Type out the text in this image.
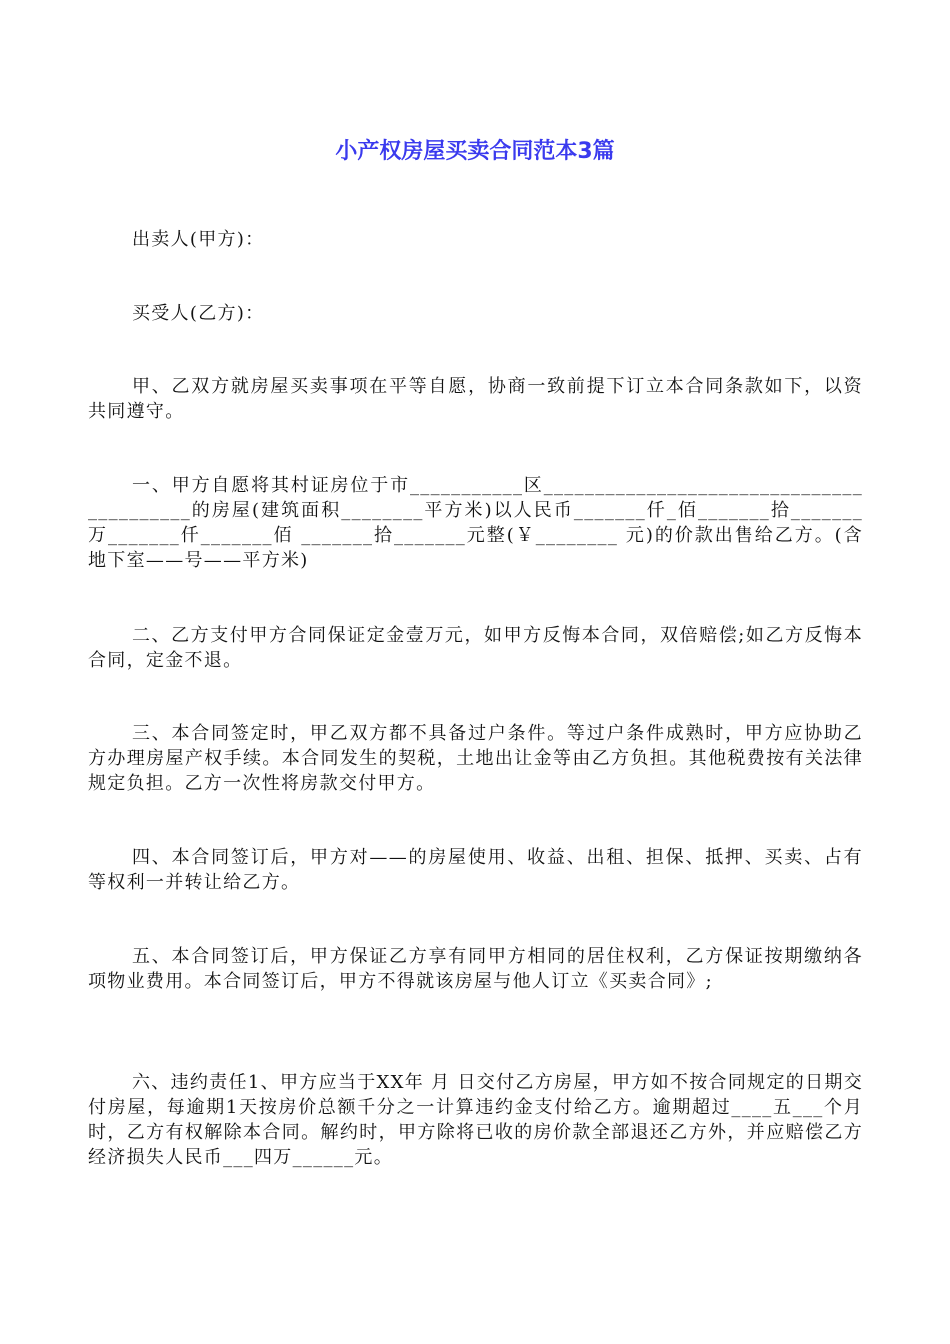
小产权房屋买卖合同范本3篇

出卖人(甲方)：

买受人(乙方)：

甲、乙双方就房屋买卖事项在平等自愿，协商一致前提下订立本合同条款如下，以资共同遵守。

一、甲方自愿将其村证房位于市___________区_________________________________________的房屋(建筑面积________平方米)以人民币_______仟_佰_______拾_______万_______仟_______佰 _______拾_______元整(￥________ 元)的价款出售给乙方。(含地下室——号——平方米)

二、乙方支付甲方合同保证定金壹万元，如甲方反悔本合同，双倍赔偿;如乙方反悔本合同，定金不退。

三、本合同签定时，甲乙双方都不具备过户条件。等过户条件成熟时，甲方应协助乙方办理房屋产权手续。本合同发生的契税，土地出让金等由乙方负担。其他税费按有关法律规定负担。乙方一次性将房款交付甲方。

四、本合同签订后，甲方对——的房屋使用、收益、出租、担保、抵押、买卖、占有等权利一并转让给乙方。

五、本合同签订后，甲方保证乙方享有同甲方相同的居住权利，乙方保证按期缴纳各项物业费用。本合同签订后，甲方不得就该房屋与他人订立《买卖合同》;

六、违约责任1、甲方应当于XX年 月 日交付乙方房屋，甲方如不按合同规定的日期交付房屋，每逾期1天按房价总额千分之一计算违约金支付给乙方。逾期超过____五___个月时，乙方有权解除本合同。解约时，甲方除将已收的房价款全部退还乙方外，并应赔偿乙方经济损失人民币___四万______元。
